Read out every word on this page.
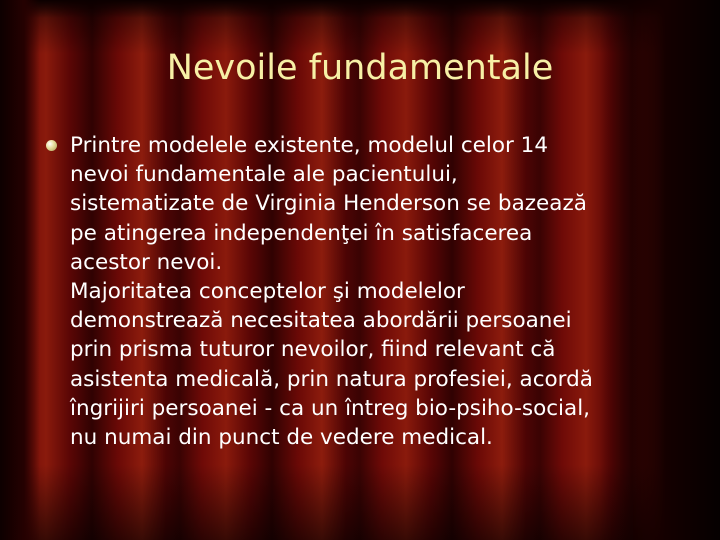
Nevoile fundamentale
Printre modelele existente, modelul celor 14
nevoi fundamentale ale pacientului,
sistematizate de Virginia Henderson se bazează
pe atingerea independenţei în satisfacerea
acestor nevoi.
Majoritatea conceptelor şi modelelor
demonstrează necesitatea abordării persoanei
prin prisma tuturor nevoilor, fiind relevant că
asistenta medicală, prin natura profesiei, acordă
îngrijiri persoanei - ca un întreg bio-psiho-social,
nu numai din punct de vedere medical.
